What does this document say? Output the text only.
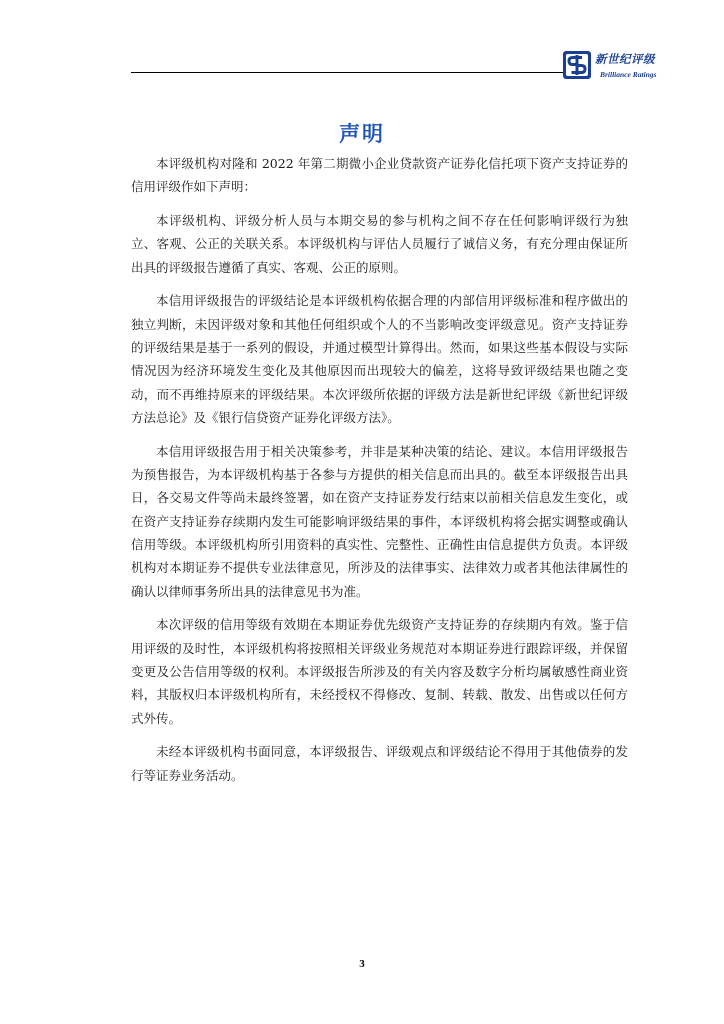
新世纪评级
Brilliance Ratings
声明

本评级机构对隆和 2022 年第二期微小企业贷款资产证券化信托项下资产支持证券的信用评级作如下声明：

本评级机构、评级分析人员与本期交易的参与机构之间不存在任何影响评级行为独立、客观、公正的关联关系。本评级机构与评估人员履行了诚信义务，有充分理由保证所出具的评级报告遵循了真实、客观、公正的原则。

本信用评级报告的评级结论是本评级机构依据合理的内部信用评级标准和程序做出的独立判断，未因评级对象和其他任何组织或个人的不当影响改变评级意见。资产支持证券的评级结果是基于一系列的假设，并通过模型计算得出。然而，如果这些基本假设与实际情况因为经济环境发生变化及其他原因而出现较大的偏差，这将导致评级结果也随之变动，而不再维持原来的评级结果。本次评级所依据的评级方法是新世纪评级《新世纪评级方法总论》及《银行信贷资产证券化评级方法》。

本信用评级报告用于相关决策参考，并非是某种决策的结论、建议。本信用评级报告为预售报告，为本评级机构基于各参与方提供的相关信息而出具的。截至本评级报告出具日，各交易文件等尚未最终签署，如在资产支持证券发行结束以前相关信息发生变化，或在资产支持证券存续期内发生可能影响评级结果的事件，本评级机构将会据实调整或确认信用等级。本评级机构所引用资料的真实性、完整性、正确性由信息提供方负责。本评级机构对本期证券不提供专业法律意见，所涉及的法律事实、法律效力或者其他法律属性的确认以律师事务所出具的法律意见书为准。

本次评级的信用等级有效期在本期证券优先级资产支持证券的存续期内有效。鉴于信用评级的及时性，本评级机构将按照相关评级业务规范对本期证券进行跟踪评级，并保留变更及公告信用等级的权利。本评级报告所涉及的有关内容及数字分析均属敏感性商业资料，其版权归本评级机构所有，未经授权不得修改、复制、转载、散发、出售或以任何方式外传。

未经本评级机构书面同意，本评级报告、评级观点和评级结论不得用于其他债券的发行等证券业务活动。

3
